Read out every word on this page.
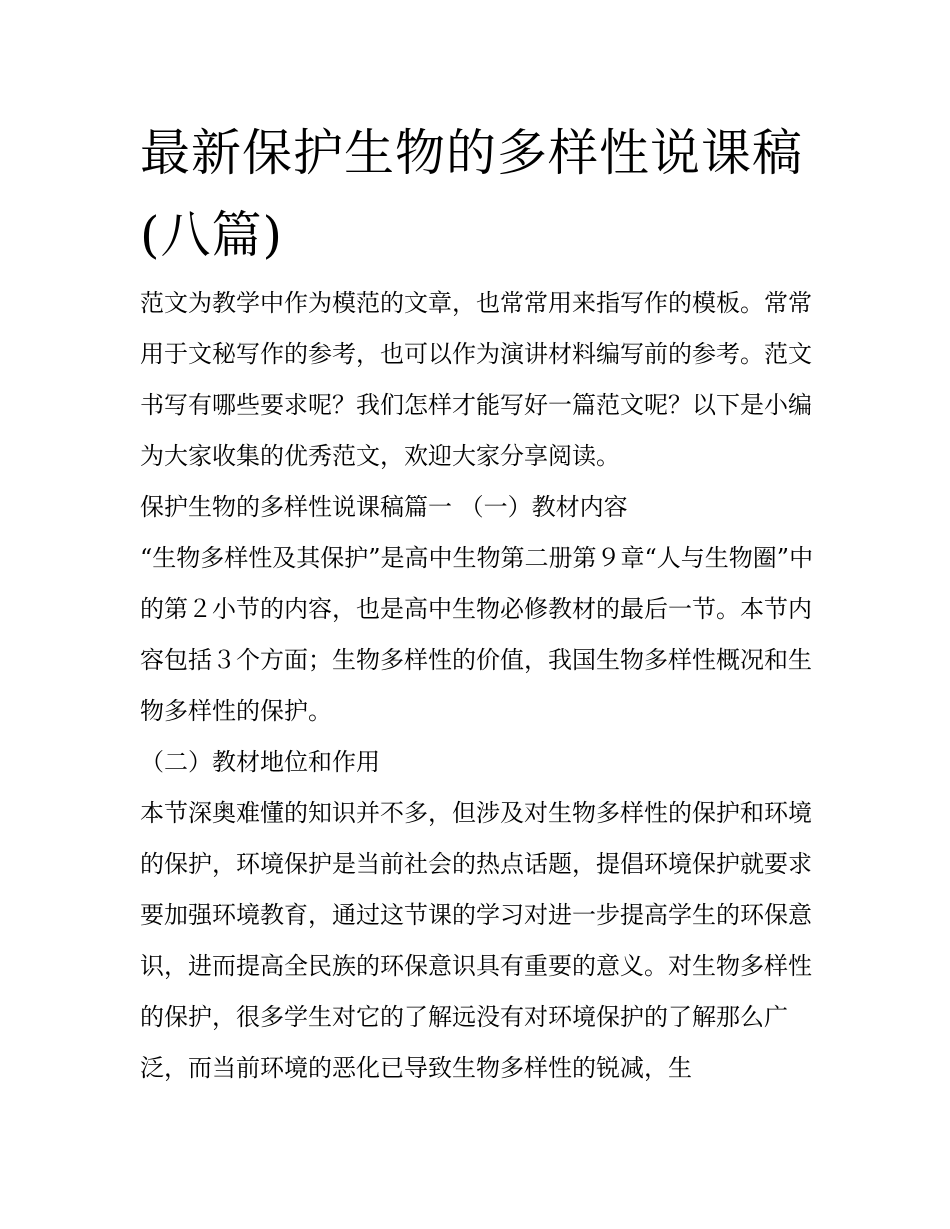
最新保护生物的多样性说课稿(八篇)

范文为教学中作为模范的文章，也常常用来指写作的模板。常常用于文秘写作的参考，也可以作为演讲材料编写前的参考。范文书写有哪些要求呢？我们怎样才能写好一篇范文呢？以下是小编为大家收集的优秀范文，欢迎大家分享阅读。

保护生物的多样性说课稿篇一 （一）教材内容

“生物多样性及其保护”是高中生物第二册第９章“人与生物圈”中的第２小节的内容，也是高中生物必修教材的最后一节。本节内容包括３个方面；生物多样性的价值，我国生物多样性概况和生物多样性的保护。

（二）教材地位和作用

本节深奥难懂的知识并不多，但涉及对生物多样性的保护和环境的保护，环境保护是当前社会的热点话题，提倡环境保护就要求要加强环境教育，通过这节课的学习对进一步提高学生的环保意识，进而提高全民族的环保意识具有重要的意义。对生物多样性的保护，很多学生对它的了解远没有对环境保护的了解那么广泛，而当前环境的恶化已导致生物多样性的锐减，生
